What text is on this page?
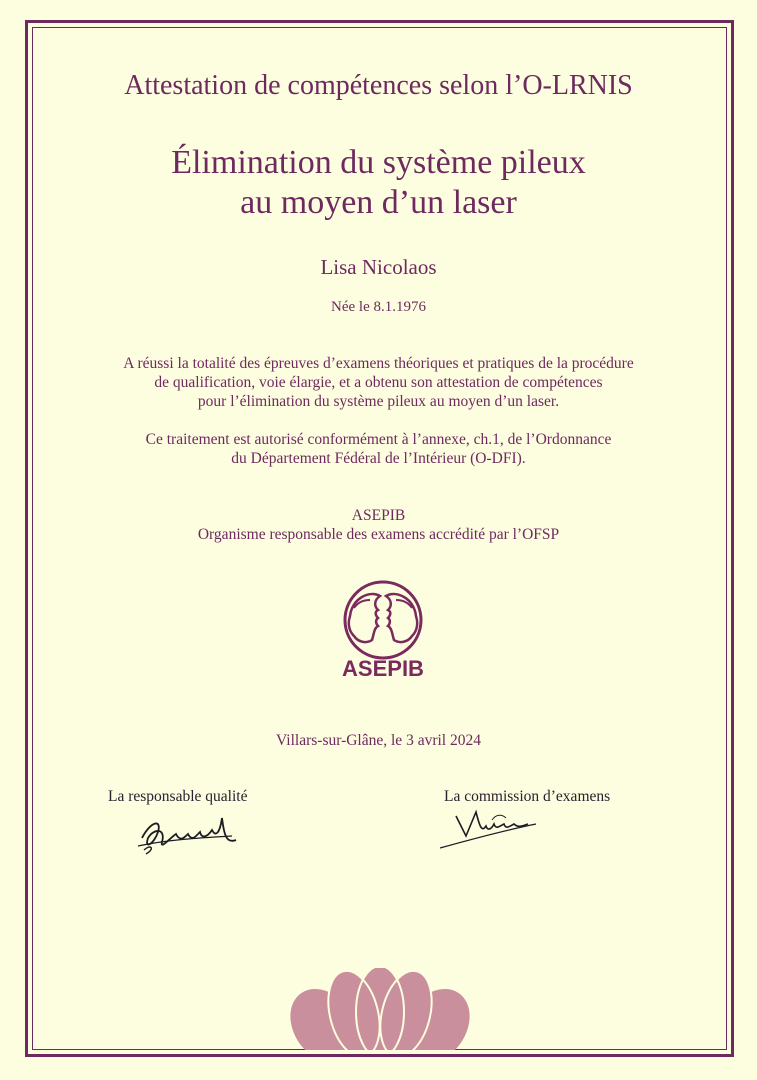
Attestation de compétences selon l’O-LRNIS
Élimination du système pileux
au moyen d’un laser
Lisa Nicolaos
Née le 8.1.1976
A réussi la totalité des épreuves d’examens théoriques et pratiques de la procédure
de qualification, voie élargie, et a obtenu son attestation de compétences
pour l’élimination du système pileux au moyen d’un laser.
Ce traitement est autorisé conformément à l’annexe, ch.1, de l’Ordonnance
du Département Fédéral de l’Intérieur (O-DFI).
ASEPIB
Organisme responsable des examens accrédité par l’OFSP
ASEPIB
Villars-sur-Glâne, le 3 avril 2024
La responsable qualité	La commission d’examens
